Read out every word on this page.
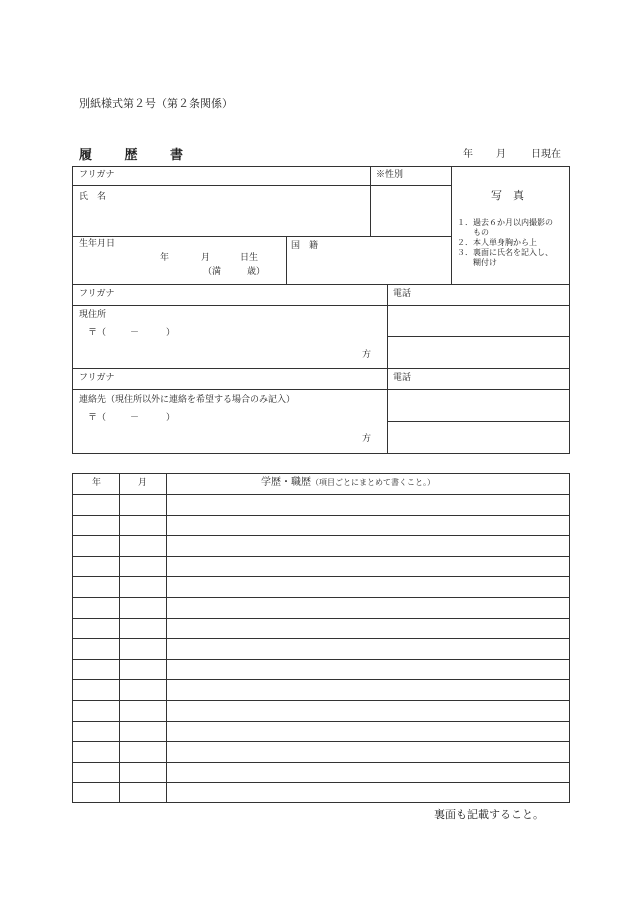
別紙様式第２号（第２条関係）
履 歴 書	年 月	日現在
フリガナ	※性別
氏　名
生年月日
年	月	日生
（満	歳）
国　籍
写　真
１．過去６か月以内撮影の
　　もの
２．本人単身胸から上
３．裏面に氏名を記入し、
　　糊付け
フリガナ	電話
現住所
〒（	－	）
方
フリガナ	電話
連絡先（現住所以外に連絡を希望する場合のみ記入）
〒（	－	）
方
年	月	学歴・職歴（項目ごとにまとめて書くこと。）
裏面も記載すること。
